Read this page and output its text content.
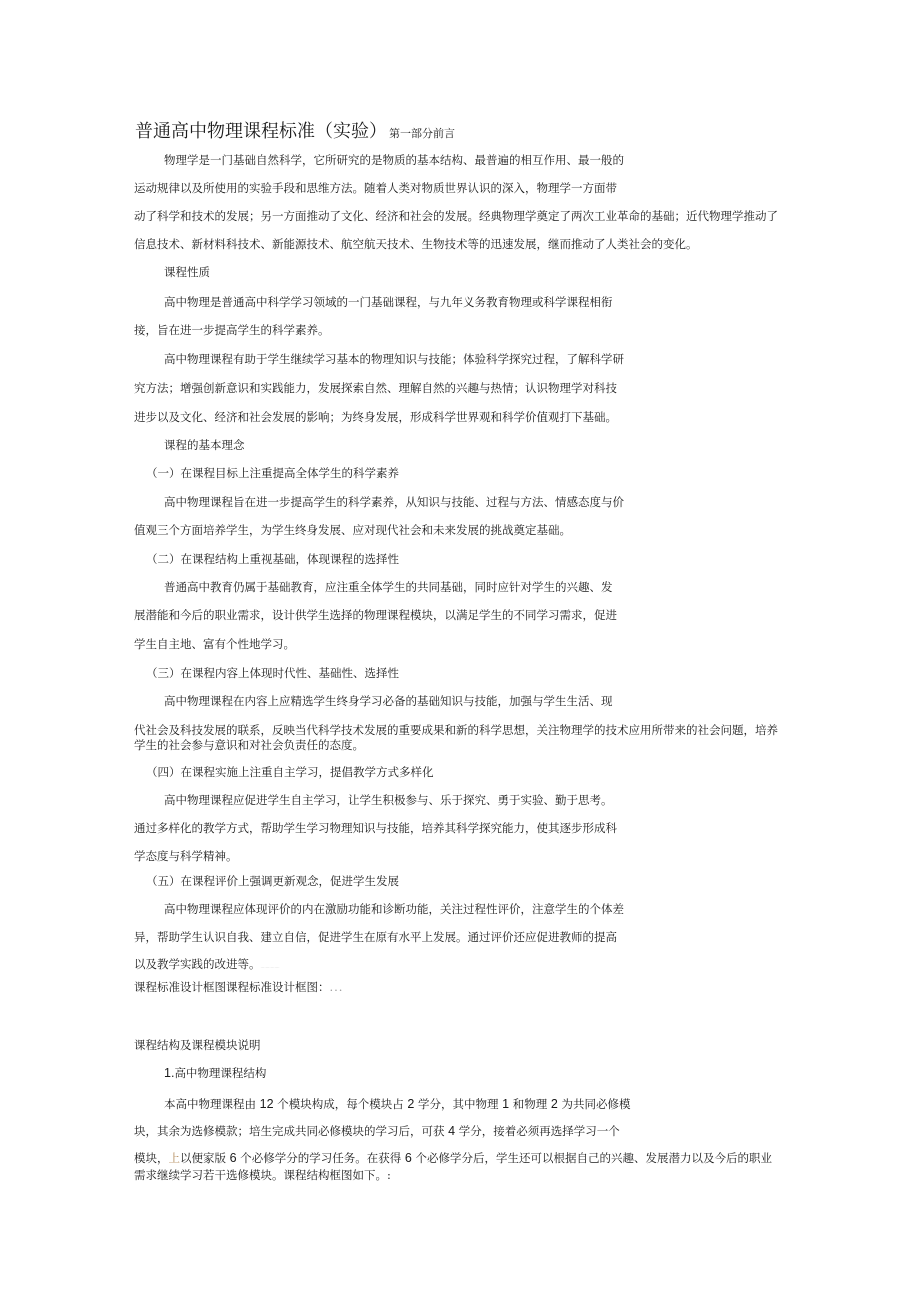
普通高中物理课程标准（实验） 第一部分前言
物理学是一门基础自然科学，它所研究的是物质的基本结构、最普遍的相互作用、最一般的
运动规律以及所使用的实验手段和思维方法。随着人类对物质世界认识的深入，物理学一方面带
动了科学和技术的发展；另一方面推动了文化、经济和社会的发展。经典物理学奠定了两次工业革命的基础；近代物理学推动了
信息技术、新材料科技术、新能源技术、航空航天技术、生物技术等的迅速发展，继而推动了人类社会的变化。
课程性质
高中物理是普通高中科学学习领域的一门基础课程，与九年义务教育物理或科学课程相衔
接，旨在进一步提高学生的科学素养。
高中物理课程有助于学生继续学习基本的物理知识与技能；体验科学探究过程，了解科学研
究方法；增强创新意识和实践能力，发展探索自然、理解自然的兴趣与热情；认识物理学对科技
进步以及文化、经济和社会发展的影响；为终身发展，形成科学世界观和科学价值观打下基础。
课程的基本理念
（一）在课程目标上注重提高全体学生的科学素养
高中物理课程旨在进一步提高学生的科学素养，从知识与技能、过程与方法、情感态度与价
值观三个方面培养学生，为学生终身发展、应对现代社会和未来发展的挑战奠定基础。
（二）在课程结构上重视基础，体现课程的选择性
普通高中教育仍属于基础教育，应注重全体学生的共同基础，同时应针对学生的兴趣、发
展潜能和今后的职业需求，设计供学生选择的物理课程模块，以满足学生的不同学习需求，促进
学生自主地、富有个性地学习。
（三）在课程内容上体现时代性、基础性、选择性
高中物理课程在内容上应精选学生终身学习必备的基础知识与技能，加强与学生生活、现
代社会及科技发展的联系，反映当代科学技术发展的重要成果和新的科学思想，关注物理学的技术应用所带来的社会问题，培养
学生的社会参与意识和对社会负责任的态度。
（四）在课程实施上注重自主学习，提倡教学方式多样化
高中物理课程应促进学生自主学习，让学生积极参与、乐于探究、勇于实验、勤于思考。
通过多样化的教学方式，帮助学生学习物理知识与技能，培养其科学探究能力，使其逐步形成科
学态度与科学精神。
（五）在课程评价上强调更新观念，促进学生发展
高中物理课程应体现评价的内在激励功能和诊断功能，关注过程性评价，注意学生的个体差
异，帮助学生认识自我、建立自信，促进学生在原有水平上发展。通过评价还应促进教师的提高
以及教学实践的改进等。...............
课程标准设计框图课程标准设计框图：...
课程结构及课程模块说明
1.高中物理课程结构
本高中物理课程由 12 个模块构成，每个模块占 2 学分，其中物理 1 和物理 2 为共同必修模
块，其余为选修模款；培生完成共同必修模块的学习后，可获 4 学分，接着必须再选择学习一个
模块，上以便家版 6 个必修学分的学习任务。在获得 6 个必修学分后，学生还可以根据自己的兴趣、发展潜力以及今后的职业
需求继续学习若干选修模块。课程结构框图如下。:
